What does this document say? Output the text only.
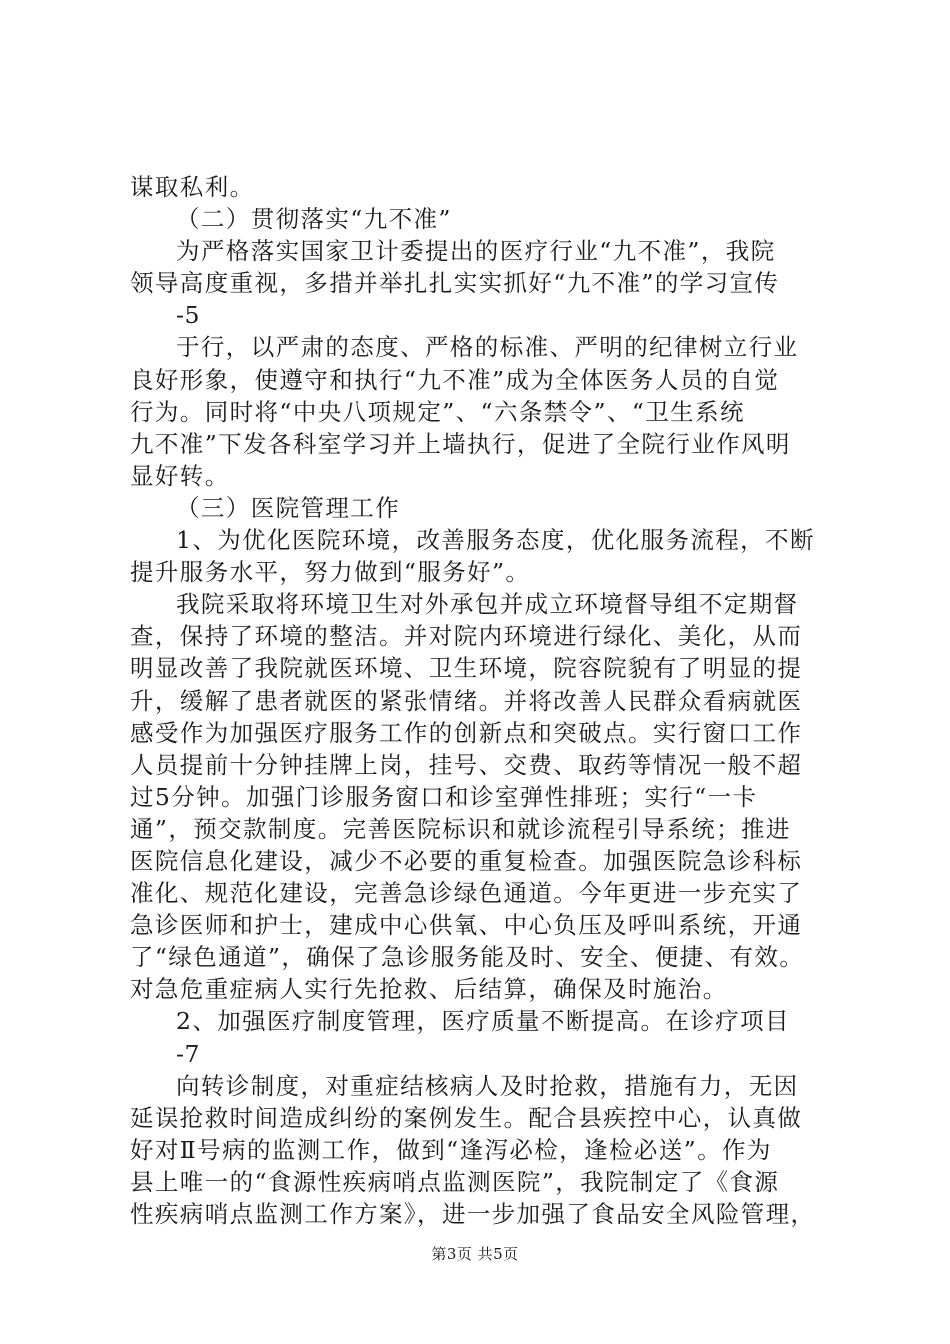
谋取私利。
（二）贯彻落实“九不准”
为严格落实国家卫计委提出的医疗行业“九不准”，我院
领导高度重视，多措并举扎扎实实抓好“九不准”的学习宣传
-5
于行，以严肃的态度、严格的标准、严明的纪律树立行业
良好形象，使遵守和执行“九不准”成为全体医务人员的自觉
行为。同时将“中央八项规定”、“六条禁令”、“卫生系统
九不准”下发各科室学习并上墙执行，促进了全院行业作风明
显好转。
（三）医院管理工作
1、为优化医院环境，改善服务态度，优化服务流程，不断
提升服务水平，努力做到“服务好”。
我院采取将环境卫生对外承包并成立环境督导组不定期督
查，保持了环境的整洁。并对院内环境进行绿化、美化，从而
明显改善了我院就医环境、卫生环境，院容院貌有了明显的提
升，缓解了患者就医的紧张情绪。并将改善人民群众看病就医
感受作为加强医疗服务工作的创新点和突破点。实行窗口工作
人员提前十分钟挂牌上岗，挂号、交费、取药等情况一般不超
过5分钟。加强门诊服务窗口和诊室弹性排班；实行“一卡
通”，预交款制度。完善医院标识和就诊流程引导系统；推进
医院信息化建设，减少不必要的重复检查。加强医院急诊科标
准化、规范化建设，完善急诊绿色通道。今年更进一步充实了
急诊医师和护士，建成中心供氧、中心负压及呼叫系统，开通
了“绿色通道”，确保了急诊服务能及时、安全、便捷、有效。
对急危重症病人实行先抢救、后结算，确保及时施治。
2、加强医疗制度管理，医疗质量不断提高。在诊疗项目
-7
向转诊制度，对重症结核病人及时抢救，措施有力，无因
延误抢救时间造成纠纷的案例发生。配合县疾控中心，认真做
好对Ⅱ号病的监测工作，做到“逢泻必检，逢检必送”。作为
县上唯一的“食源性疾病哨点监测医院”，我院制定了《食源
性疾病哨点监测工作方案》，进一步加强了食品安全风险管理，
第3页 共5页
